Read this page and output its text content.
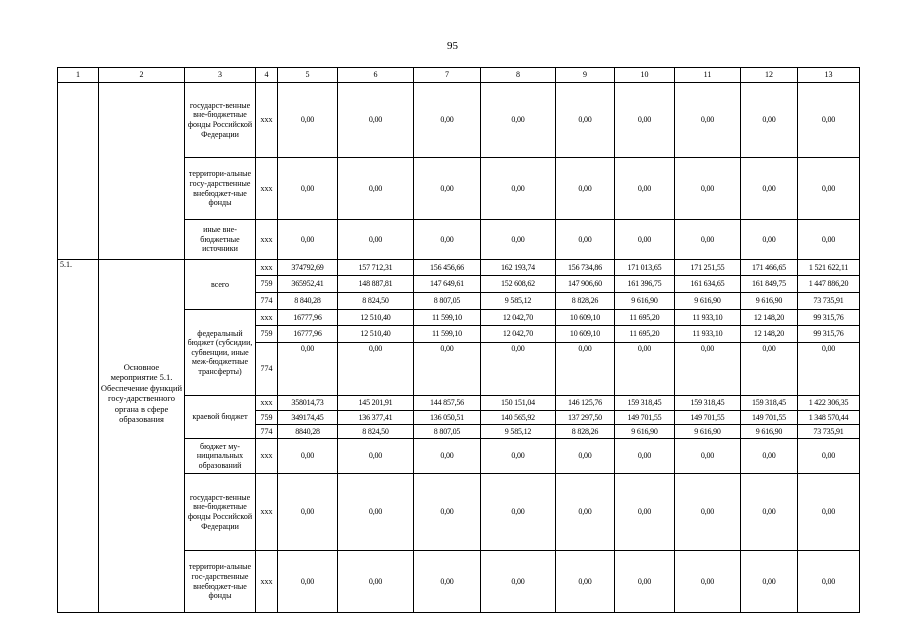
95
1	2	3	4	5	6	7	8	9	10	11	12	13
		государст-венные вне-бюджетные фонды Российской Федерации	ххх	0,00	0,00	0,00	0,00	0,00	0,00	0,00	0,00	0,00
		территори-альные госу-дарственные внебюджет-ные фонды	ххх	0,00	0,00	0,00	0,00	0,00	0,00	0,00	0,00	0,00
		иные вне-бюджетные источники	ххх	0,00	0,00	0,00	0,00	0,00	0,00	0,00	0,00	0,00
5.1.	Основное мероприятие 5.1. Обеспечение функций госу-дарственного органа в сфере образования	всего	ххх	374792,69	157 712,31	156 456,66	162 193,74	156 734,86	171 013,65	171 251,55	171 466,65	1 521 622,11
			759	365952,41	148 887,81	147 649,61	152 608,62	147 906,60	161 396,75	161 634,65	161 849,75	1 447 886,20
			774	8 840,28	8 824,50	8 807,05	9 585,12	8 828,26	9 616,90	9 616,90	9 616,90	73 735,91
		федеральный бюджет (субсидии, субвенции, иные меж-бюджетные трансферты)	ххх	16777,96	12 510,40	11 599,10	12 042,70	10 609,10	11 695,20	11 933,10	12 148,20	99 315,76
			759	16777,96	12 510,40	11 599,10	12 042,70	10 609,10	11 695,20	11 933,10	12 148,20	99 315,76
			774	0,00	0,00	0,00	0,00	0,00	0,00	0,00	0,00	0,00
		краевой бюджет	ххх	358014,73	145 201,91	144 857,56	150 151,04	146 125,76	159 318,45	159 318,45	159 318,45	1 422 306,35
			759	349174,45	136 377,41	136 050,51	140 565,92	137 297,50	149 701,55	149 701,55	149 701,55	1 348 570,44
			774	8840,28	8 824,50	8 807,05	9 585,12	8 828,26	9 616,90	9 616,90	9 616,90	73 735,91
		бюджет му-ниципальных образований	ххх	0,00	0,00	0,00	0,00	0,00	0,00	0,00	0,00	0,00
		государст-венные вне-бюджетные фонды Российской Федерации	ххх	0,00	0,00	0,00	0,00	0,00	0,00	0,00	0,00	0,00
		территори-альные гос-дарственные внебюджет-ные фонды	ххх	0,00	0,00	0,00	0,00	0,00	0,00	0,00	0,00	0,00
